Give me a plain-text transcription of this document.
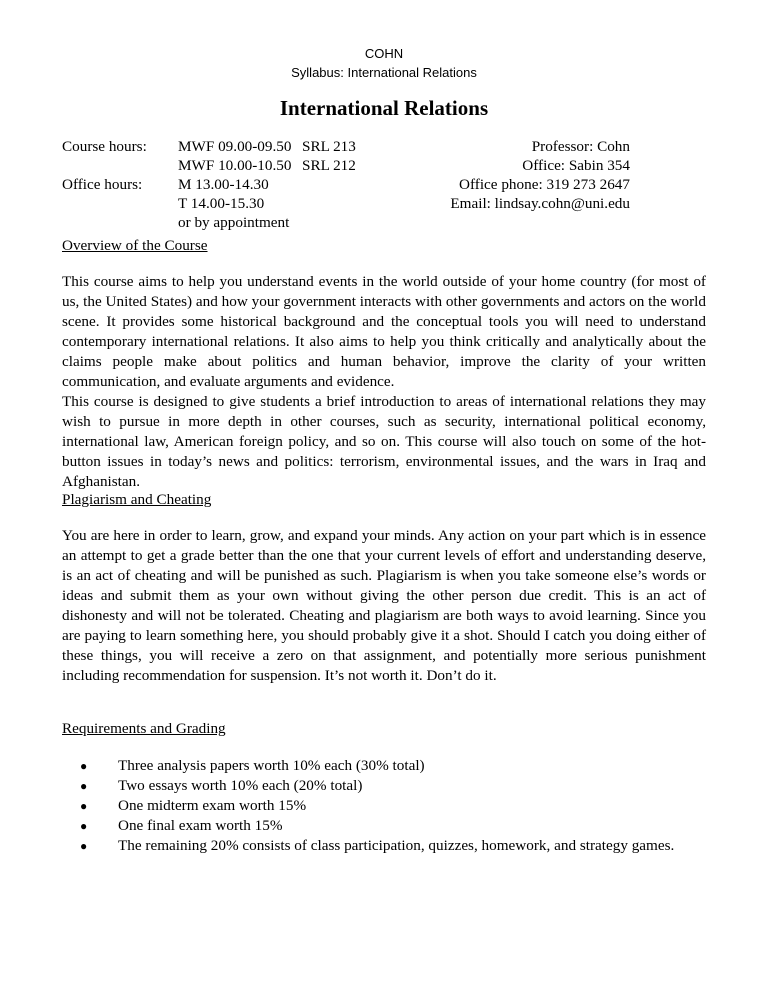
COHN
Syllabus: International Relations
International Relations
Course hours:	MWF 09.00-09.50 SRL 213
MWF 10.00-10.50 SRL 212
Office hours:	M 13.00-14.30
T 14.00-15.30
or by appointment
Professor: Cohn
Office: Sabin 354
Office phone: 319 273 2647
Email: lindsay.cohn@uni.edu
Overview of the Course

This course aims to help you understand events in the world outside of your home country (for most of us, the United States) and how your government interacts with other governments and actors on the world scene. It provides some historical background and the conceptual tools you will need to understand contemporary international relations. It also aims to help you think critically and analytically about the claims people make about politics and human behavior, improve the clarity of your written communication, and evaluate arguments and evidence.

This course is designed to give students a brief introduction to areas of international relations they may wish to pursue in more depth in other courses, such as security, international political economy, international law, American foreign policy, and so on. This course will also touch on some of the hot-button issues in today’s news and politics: terrorism, environmental issues, and the wars in Iraq and Afghanistan.

Plagiarism and Cheating

You are here in order to learn, grow, and expand your minds. Any action on your part which is in essence an attempt to get a grade better than the one that your current levels of effort and understanding deserve, is an act of cheating and will be punished as such. Plagiarism is when you take someone else’s words or ideas and submit them as your own without giving the other person due credit. This is an act of dishonesty and will not be tolerated. Cheating and plagiarism are both ways to avoid learning. Since you are paying to learn something here, you should probably give it a shot. Should I catch you doing either of these things, you will receive a zero on that assignment, and potentially more serious punishment including recommendation for suspension. It’s not worth it. Don’t do it.

Requirements and Grading
● Three analysis papers worth 10% each (30% total)
● Two essays worth 10% each (20% total)
● One midterm exam worth 15%
● One final exam worth 15%
● The remaining 20% consists of class participation, quizzes, homework, and strategy games.
